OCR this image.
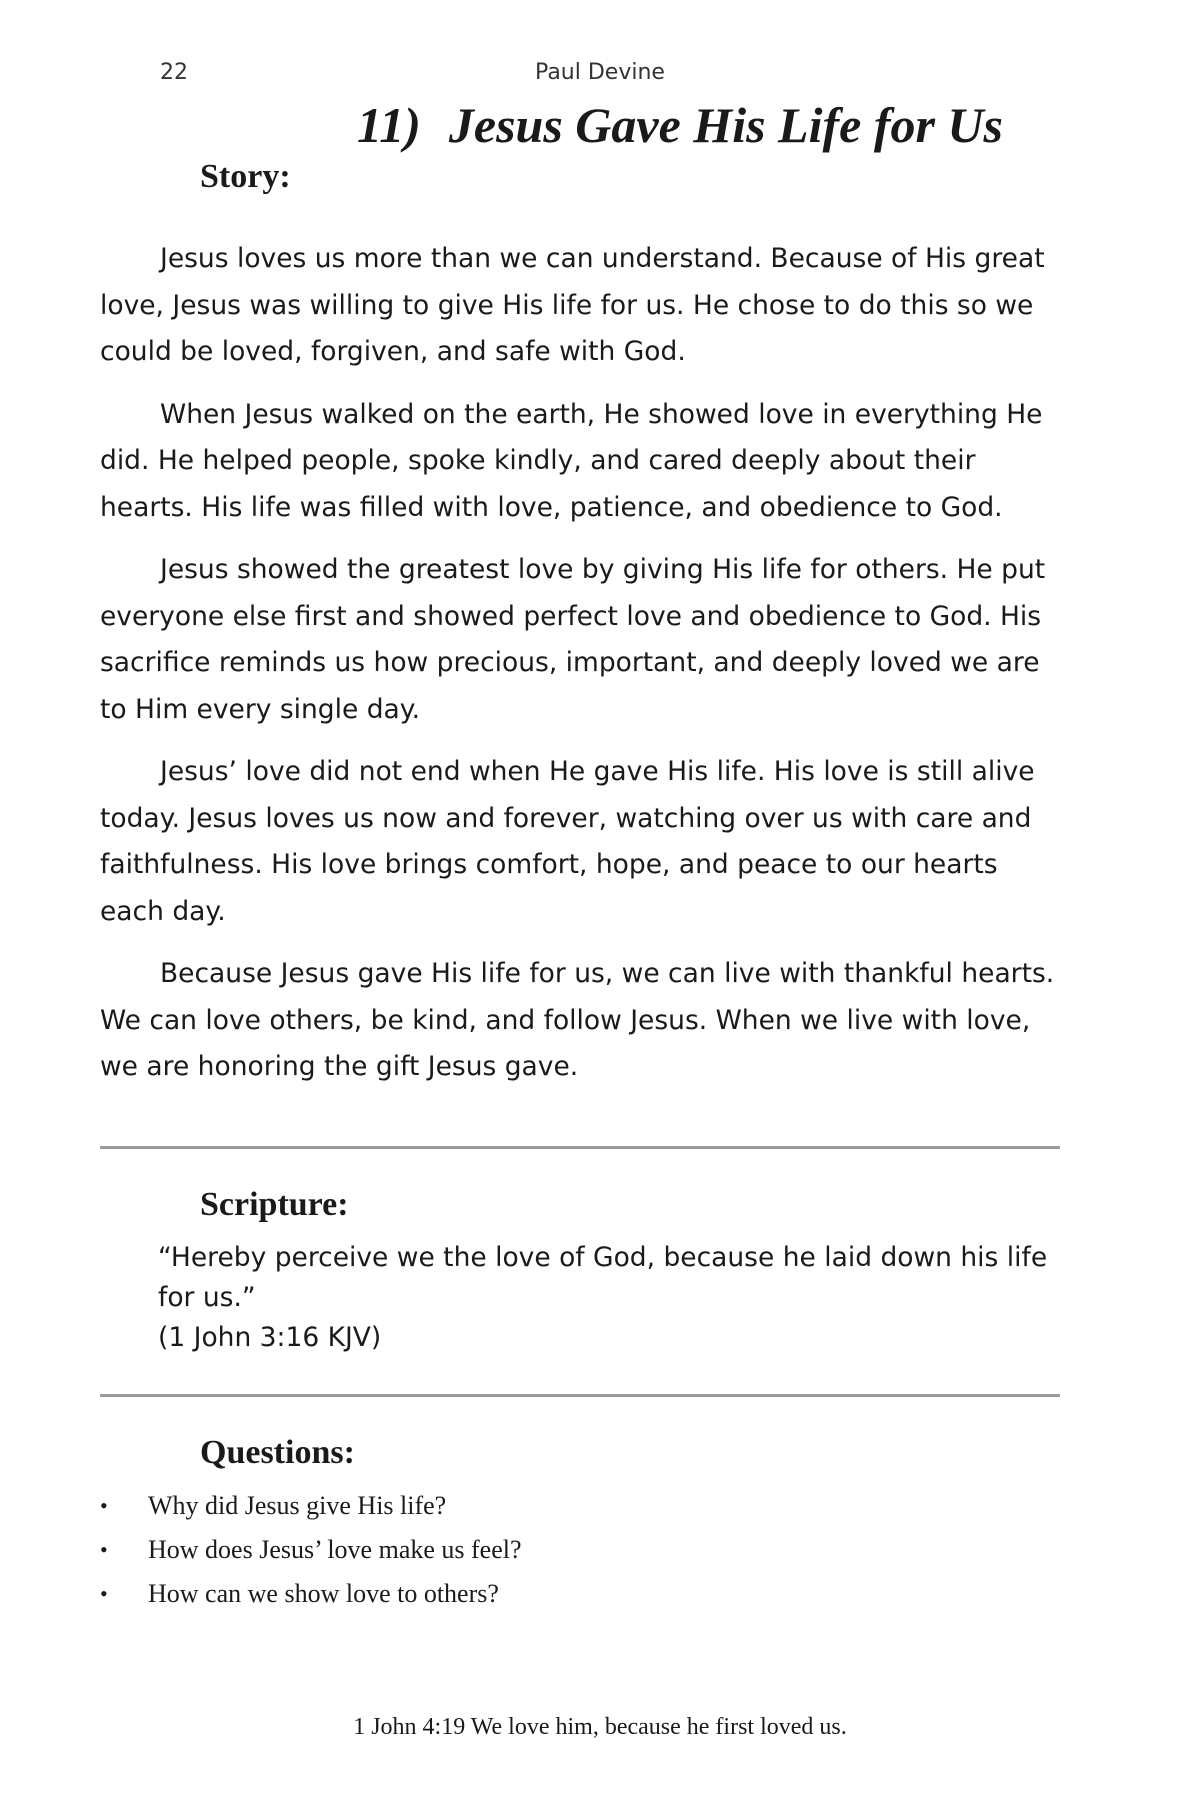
22	Paul Devine
11) Jesus Gave His Life for Us
Story:

Jesus loves us more than we can understand. Because of His great love, Jesus was willing to give His life for us. He chose to do this so we could be loved, forgiven, and safe with God.

When Jesus walked on the earth, He showed love in everything He did. He helped people, spoke kindly, and cared deeply about their hearts. His life was filled with love, patience, and obedience to God.

Jesus showed the greatest love by giving His life for others. He put everyone else first and showed perfect love and obedience to God. His sacrifice reminds us how precious, important, and deeply loved we are to Him every single day.

Jesus’ love did not end when He gave His life. His love is still alive today. Jesus loves us now and forever, watching over us with care and faithfulness. His love brings comfort, hope, and peace to our hearts each day.

Because Jesus gave His life for us, we can live with thankful hearts. We can love others, be kind, and follow Jesus. When we live with love, we are honoring the gift Jesus gave.

Scripture:
“Hereby perceive we the love of God, because he laid down his life for us.”
(1 John 3:16 KJV)
Questions:
• Why did Jesus give His life?
• How does Jesus’ love make us feel?
• How can we show love to others?
1 John 4:19 We love him, because he first loved us.
